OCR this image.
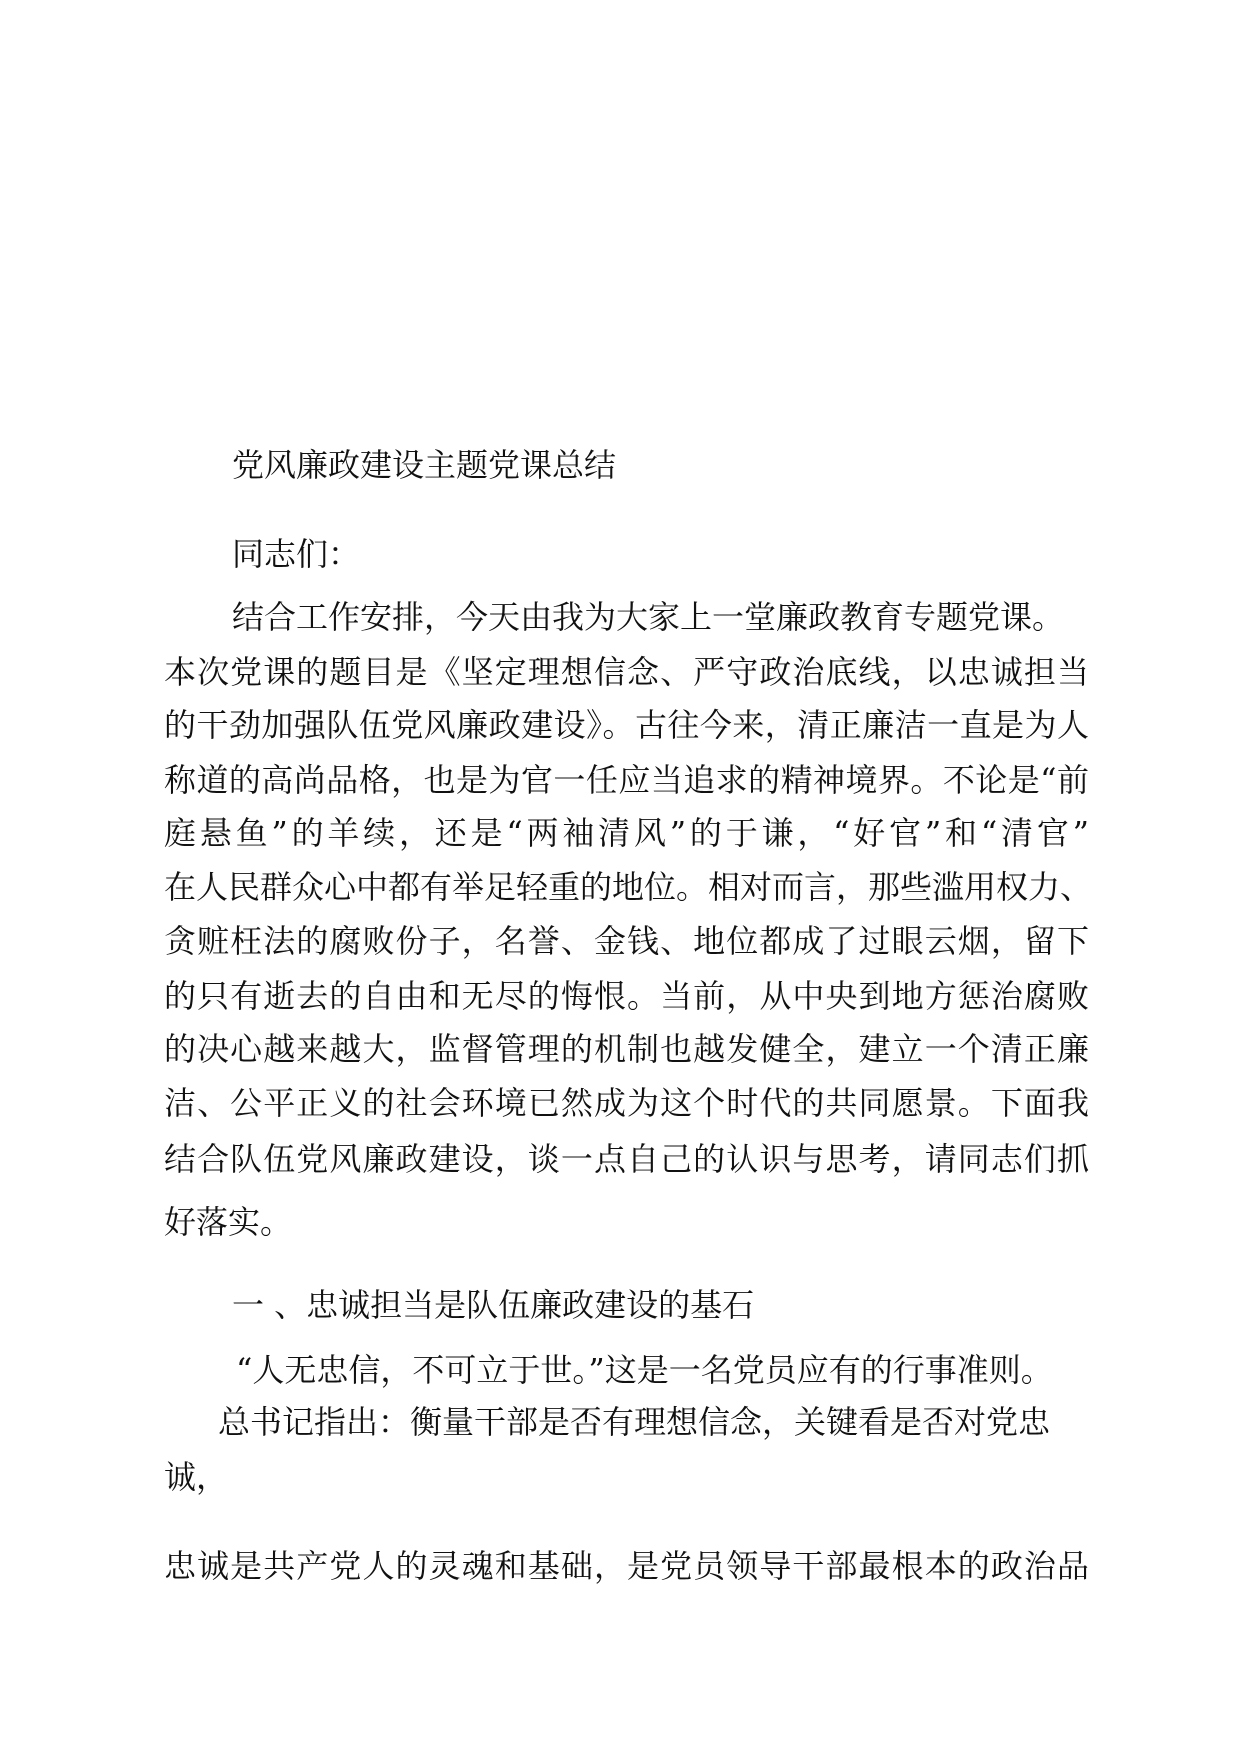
党风廉政建设主题党课总结

同志们：

结合工作安排，今天由我为大家上一堂廉政教育专题党课。

本次党课的题目是《坚定理想信念、严守政治底线，以忠诚担当

的干劲加强队伍党风廉政建设》。古往今来，清正廉洁一直是为人

称道的高尚品格，也是为官一任应当追求的精神境界。不论是“前

庭悬鱼”的羊续，还是“两袖清风”的于谦，“好官”和“清官”

在人民群众心中都有举足轻重的地位。相对而言，那些滥用权力、

贪赃枉法的腐败份子，名誉、金钱、地位都成了过眼云烟，留下

的只有逝去的自由和无尽的悔恨。当前，从中央到地方惩治腐败

的决心越来越大，监督管理的机制也越发健全，建立一个清正廉

洁、公平正义的社会环境已然成为这个时代的共同愿景。下面我

结合队伍党风廉政建设，谈一点自己的认识与思考，请同志们抓

好落实。

一 、忠诚担当是队伍廉政建设的基石

“人无忠信，不可立于世。”这是一名党员应有的行事准则。

总书记指出：衡量干部是否有理想信念，关键看是否对党忠

诚，

忠诚是共产党人的灵魂和基础，是党员领导干部最根本的政治品
